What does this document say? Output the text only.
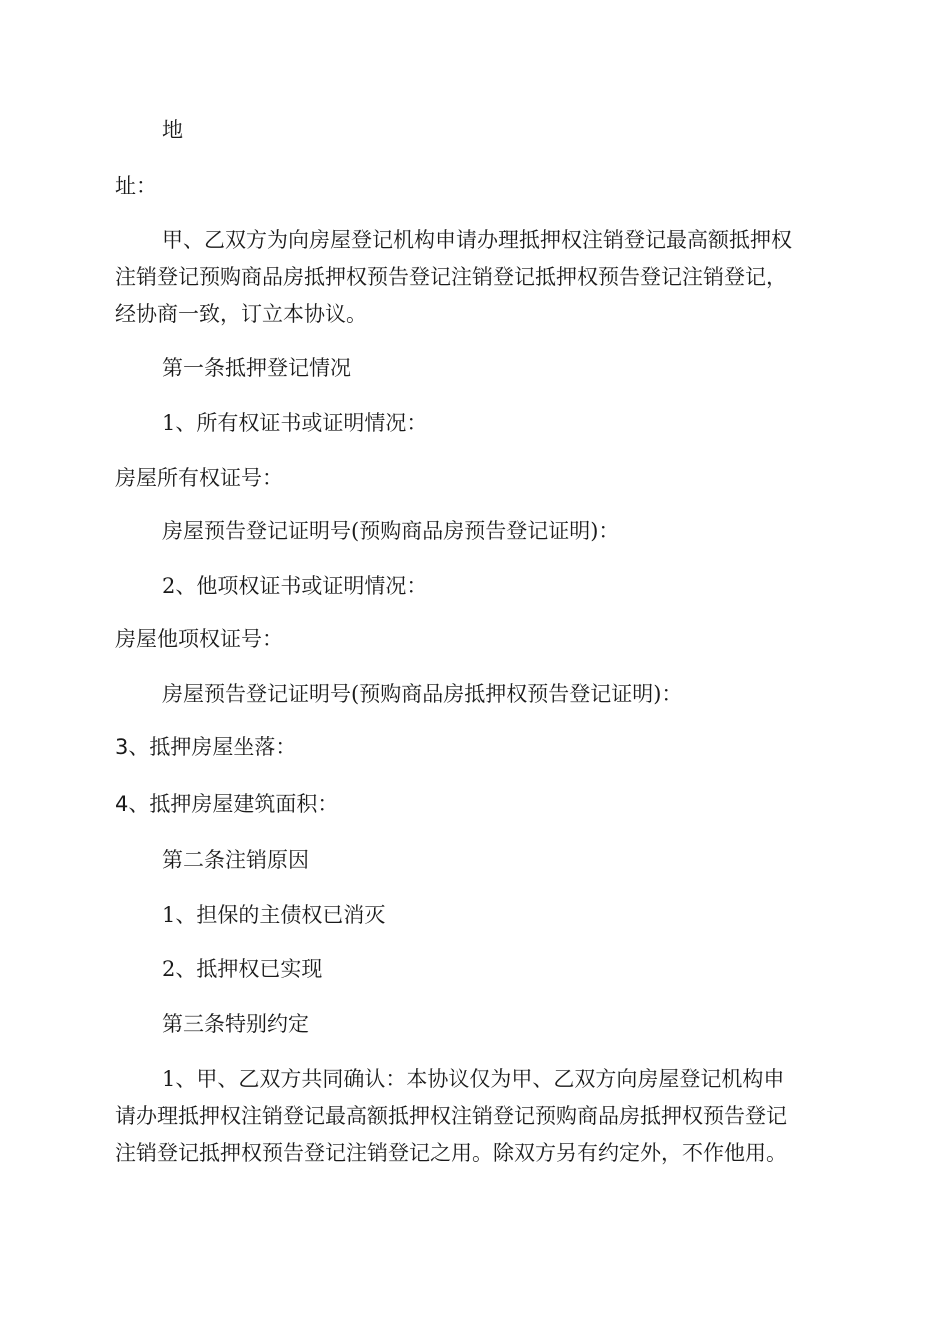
地
址：
甲、乙双方为向房屋登记机构申请办理抵押权注销登记最高额抵押权
注销登记预购商品房抵押权预告登记注销登记抵押权预告登记注销登记，
经协商一致，订立本协议。
第一条抵押登记情况
1、所有权证书或证明情况：
房屋所有权证号：
房屋预告登记证明号(预购商品房预告登记证明)：
2、他项权证书或证明情况：
房屋他项权证号：
房屋预告登记证明号(预购商品房抵押权预告登记证明)：
3、抵押房屋坐落：
4、抵押房屋建筑面积：
第二条注销原因
1、担保的主债权已消灭
2、抵押权已实现
第三条特别约定
1、甲、乙双方共同确认：本协议仅为甲、乙双方向房屋登记机构申
请办理抵押权注销登记最高额抵押权注销登记预购商品房抵押权预告登记
注销登记抵押权预告登记注销登记之用。除双方另有约定外，不作他用。
